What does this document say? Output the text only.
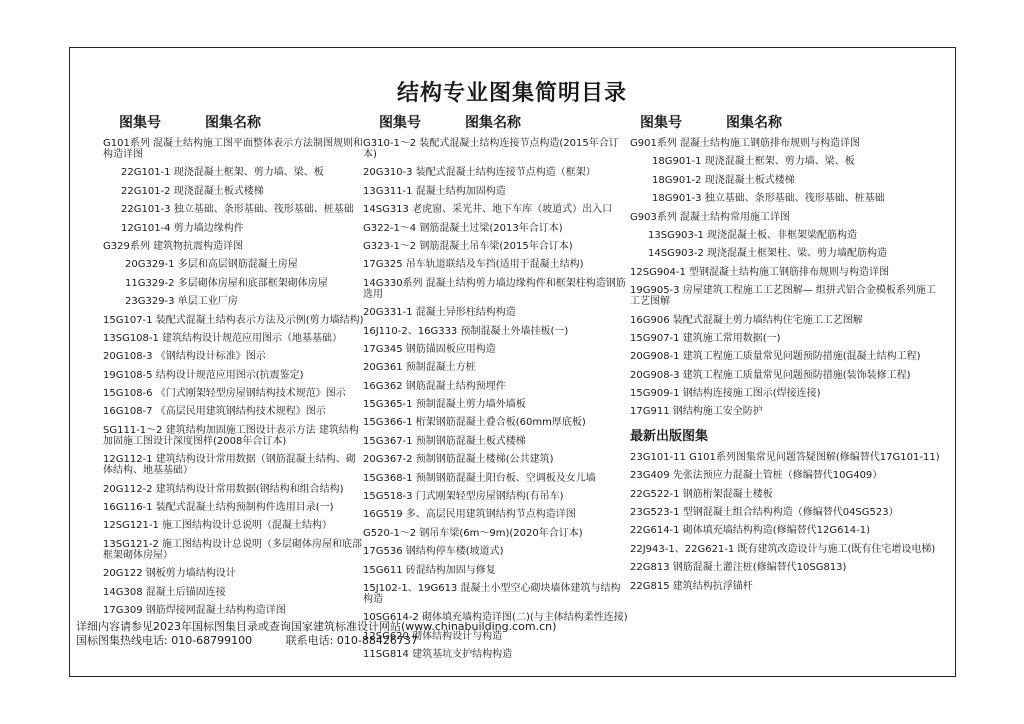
结构专业图集简明目录
图集号	图集名称
G101系列 混凝土结构施工图平面整体表示方法制图规则和构造详图
22G101-1 现浇混凝土框架、剪力墙、梁、板
22G101-2 现浇混凝土板式楼梯
22G101-3 独立基础、条形基础、筏形基础、桩基础
12G101-4 剪力墙边缘构件
G329系列 建筑物抗震构造详图
20G329-1 多层和高层钢筋混凝土房屋
11G329-2 多层砌体房屋和底部框架砌体房屋
23G329-3 单层工业厂房
15G107-1 装配式混凝土结构表示方法及示例(剪力墙结构)
13SG108-1 建筑结构设计规范应用图示（地基基础）
20G108-3 《钢结构设计标准》图示
19G108-5 结构设计规范应用图示(抗震鉴定)
15G108-6 《门式刚架轻型房屋钢结构技术规范》图示
16G108-7 《高层民用建筑钢结构技术规程》图示
SG111-1～2 建筑结构加固施工图设计表示方法 建筑结构加固施工图设计深度图样(2008年合订本)
12G112-1 建筑结构设计常用数据（钢筋混凝土结构、砌体结构、地基基础）
20G112-2 建筑结构设计常用数据(钢结构和组合结构)
16G116-1 装配式混凝土结构预制构件选用目录(一)
12SG121-1 施工图结构设计总说明（混凝土结构）
13SG121-2 施工图结构设计总说明（多层砌体房屋和底部框架砌体房屋）
20G122 钢板剪力墙结构设计
14G308 混凝土后锚固连接
17G309 钢筋焊接网混凝土结构构造详图
图集号	图集名称
G310-1～2 装配式混凝土结构连接节点构造(2015年合订本)
20G310-3 装配式混凝土结构连接节点构造（框架）
13G311-1 混凝土结构加固构造
14SG313 老虎窗、采光井、地下车库（坡道式）出入口
G322-1～4 钢筋混凝土过梁(2013年合订本)
G323-1～2 钢筋混凝土吊车梁(2015年合订本)
17G325 吊车轨道联结及车挡(适用于混凝土结构)
14G330系列 混凝土结构剪力墙边缘构件和框架柱构造钢筋选用
20G331-1 混凝土异形柱结构构造
16J110-2、16G333 预制混凝土外墙挂板(一)
17G345 钢筋锚固板应用构造
20G361 预制混凝土方桩
16G362 钢筋混凝土结构预埋件
15G365-1 预制混凝土剪力墙外墙板
15G366-1 桁架钢筋混凝土叠合板(60mm厚底板)
15G367-1 预制钢筋混凝土板式楼梯
20G367-2 预制钢筋混凝土楼梯(公共建筑)
15G368-1 预制钢筋混凝土阳台板、空调板及女儿墙
15G518-3 门式刚架轻型房屋钢结构(有吊车)
16G519 多、高层民用建筑钢结构节点构造详图
G520-1～2 钢吊车梁(6m～9m)(2020年合订本)
17G536 钢结构停车楼(坡道式)
15G611 砖混结构加固与修复
15J102-1、19G613 混凝土小型空心砌块墙体建筑与结构构造
10SG614-2 砌体填充墙构造详图(二)(与主体结构柔性连接)
12SG620 砌体结构设计与构造
11SG814 建筑基坑支护结构构造
图集号	图集名称
G901系列 混凝土结构施工钢筋排布规则与构造详图
18G901-1 现浇混凝土框架、剪力墙、梁、板
18G901-2 现浇混凝土板式楼梯
18G901-3 独立基础、条形基础、筏形基础、桩基础
G903系列 混凝土结构常用施工详图
13SG903-1 现浇混凝土板、非框架梁配筋构造
14SG903-2 现浇混凝土框架柱、梁、剪力墙配筋构造
12SG904-1 型钢混凝土结构施工钢筋排布规则与构造详图
19G905-3 房屋建筑工程施工工艺图解— 组拼式铝合金模板系列施工工艺图解
16G906 装配式混凝土剪力墙结构住宅施工工艺图解
15G907-1 建筑施工常用数据(一)
20G908-1 建筑工程施工质量常见问题预防措施(混凝土结构工程)
20G908-3 建筑工程施工质量常见问题预防措施(装饰装修工程)
15G909-1 钢结构连接施工图示(焊接连接)
17G911 钢结构施工安全防护
最新出版图集
23G101-11 G101系列图集常见问题答疑图解(修编替代17G101-11)
23G409 先张法预应力混凝土管桩（修编替代10G409）
22G522-1 钢筋桁架混凝土楼板
23G523-1 型钢混凝土组合结构构造（修编替代04SG523）
22G614-1 砌体填充墙结构构造(修编替代12G614-1)
22J943-1、22G621-1 既有建筑改造设计与施工(既有住宅增设电梯)
22G813 钢筋混凝土灌注桩(修编替代10SG813)
22G815 建筑结构抗浮锚杆
详细内容请参见2023年国标图集目录或查询国家建筑标准设计网站(www.chinabuilding.com.cn)
国标图集热线电话: 010-68799100	联系电话: 010-88426737
